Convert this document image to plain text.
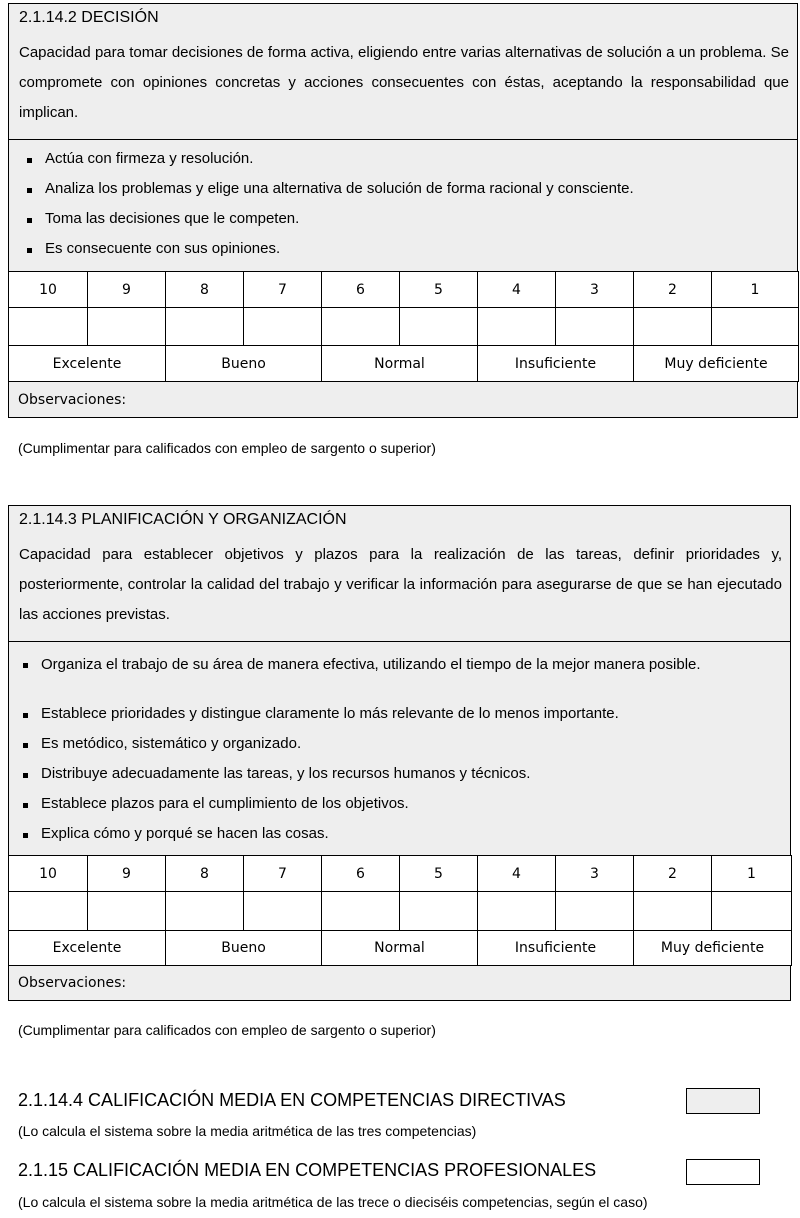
2.1.14.2 DECISIÓN
Capacidad para tomar decisiones de forma activa, eligiendo entre varias alternativas de solución a un problema. Se compromete con opiniones concretas y acciones consecuentes con éstas, aceptando la responsabilidad que implican.
Actúa con firmeza y resolución.
Analiza los problemas y elige una alternativa de solución de forma racional y consciente.
Toma las decisiones que le competen.
Es consecuente con sus opiniones.
Observaciones:
10	9	8	7	6	5	4	3	2	1

Excelente		Bueno		Normal		Insuficiente		Muy deficiente	
(Cumplimentar para calificados con empleo de sargento o superior)
2.1.14.3 PLANIFICACIÓN Y ORGANIZACIÓN
Capacidad para establecer objetivos y plazos para la realización de las tareas, definir prioridades y, posteriormente, controlar la calidad del trabajo y verificar la información para asegurarse de que se han ejecutado las acciones previstas.
Organiza el trabajo de su área de manera efectiva, utilizando el tiempo de la mejor manera posible.
Establece prioridades y distingue claramente lo más relevante de lo menos importante.
Es metódico, sistemático y organizado.
Distribuye adecuadamente las tareas, y los recursos humanos y técnicos.
Establece plazos para el cumplimiento de los objetivos.
Explica cómo y porqué se hacen las cosas.
Observaciones:
10	9	8	7	6	5	4	3	2	1

Excelente		Bueno		Normal		Insuficiente		Muy deficiente	
(Cumplimentar para calificados con empleo de sargento o superior)
2.1.14.4 CALIFICACIÓN MEDIA EN COMPETENCIAS DIRECTIVAS
(Lo calcula el sistema sobre la media aritmética de las tres competencias)
2.1.15 CALIFICACIÓN MEDIA EN COMPETENCIAS PROFESIONALES
(Lo calcula el sistema sobre la media aritmética de las trece o dieciséis competencias, según el caso)
